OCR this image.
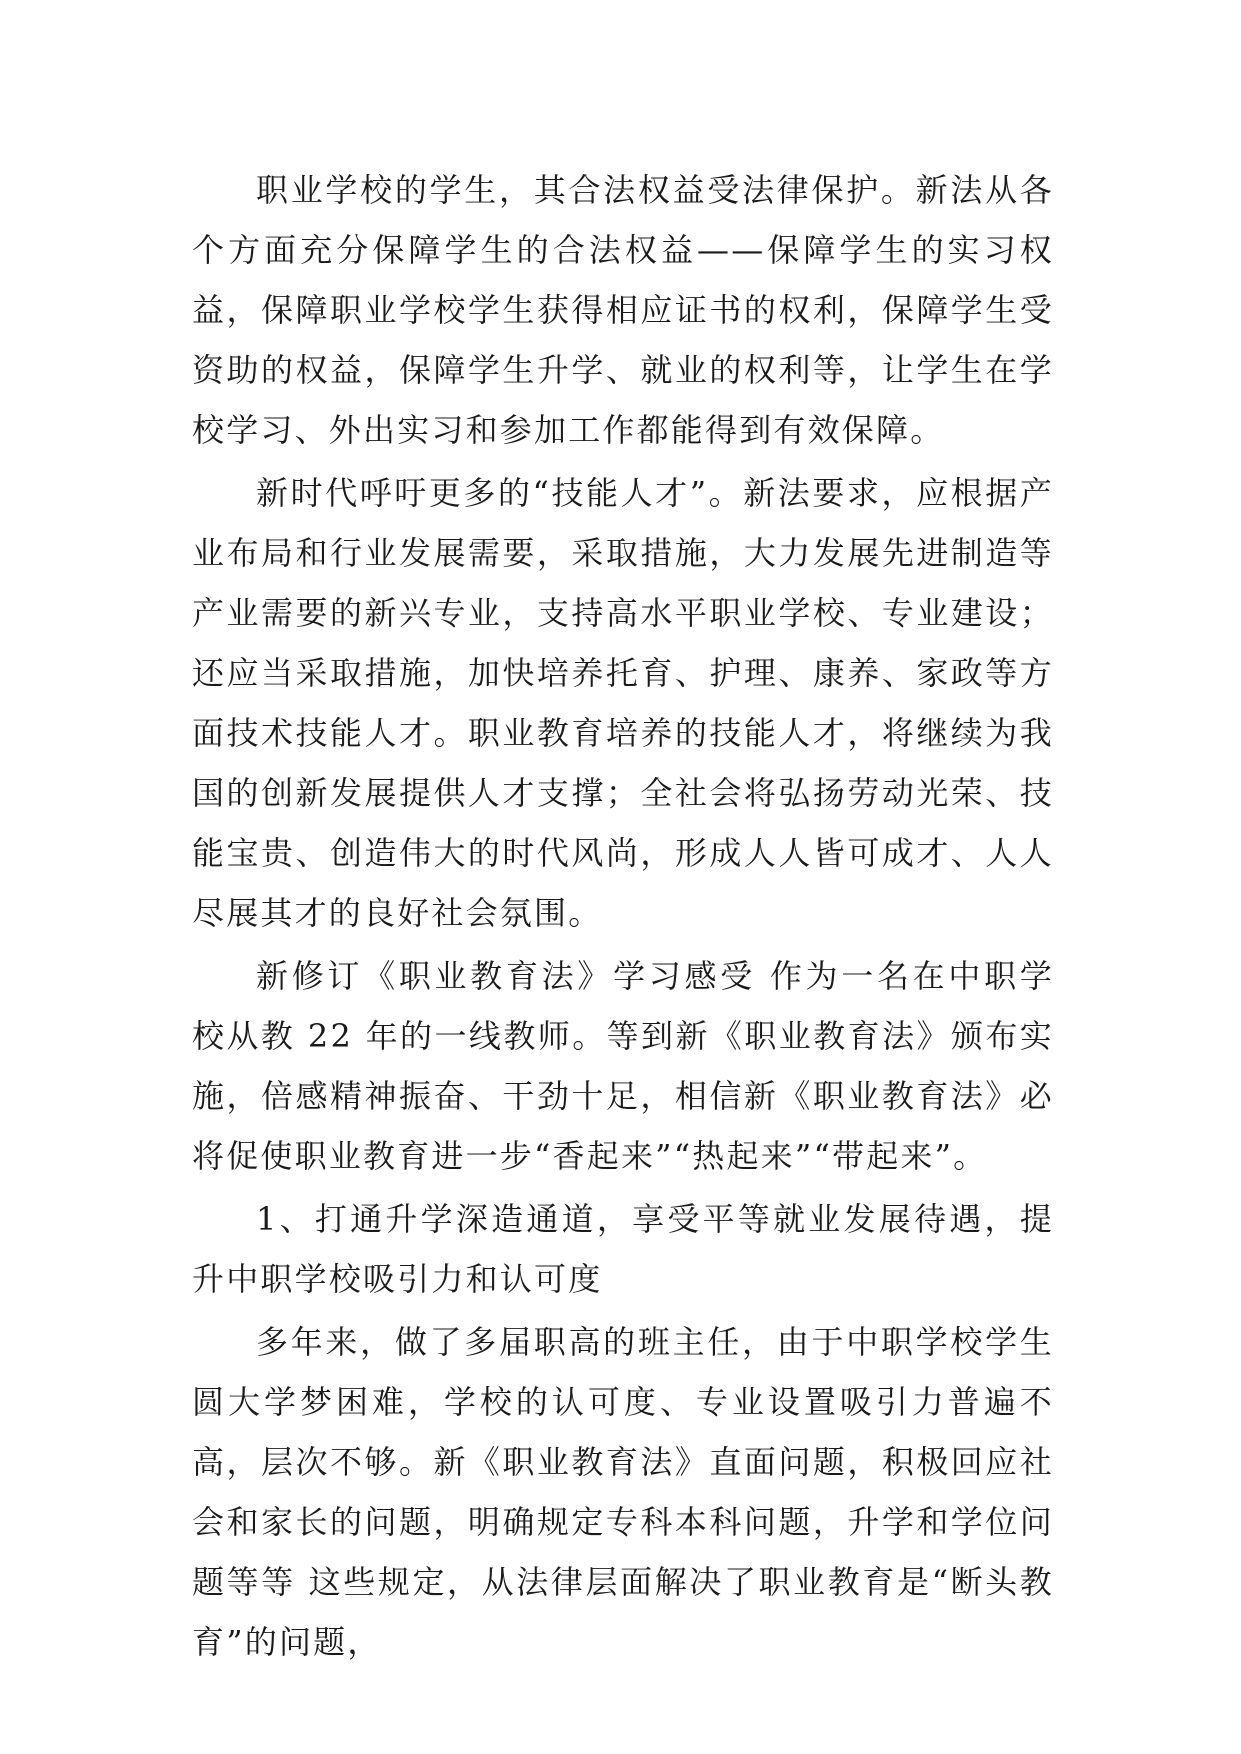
职业学校的学生，其合法权益受法律保护。新法从各个方面充分保障学生的合法权益——保障学生的实习权益，保障职业学校学生获得相应证书的权利，保障学生受资助的权益，保障学生升学、就业的权利等，让学生在学校学习、外出实习和参加工作都能得到有效保障。

新时代呼吁更多的“技能人才”。新法要求，应根据产业布局和行业发展需要，采取措施，大力发展先进制造等产业需要的新兴专业，支持高水平职业学校、专业建设；还应当采取措施，加快培养托育、护理、康养、家政等方面技术技能人才。职业教育培养的技能人才，将继续为我国的创新发展提供人才支撑；全社会将弘扬劳动光荣、技能宝贵、创造伟大的时代风尚，形成人人皆可成才、人人尽展其才的良好社会氛围。

新修订《职业教育法》学习感受 作为一名在中职学校从教 22 年的一线教师。等到新《职业教育法》颁布实施，倍感精神振奋、干劲十足，相信新《职业教育法》必将促使职业教育进一步“香起来”“热起来”“带起来”。

1、打通升学深造通道，享受平等就业发展待遇，提升中职学校吸引力和认可度

多年来，做了多届职高的班主任，由于中职学校学生圆大学梦困难，学校的认可度、专业设置吸引力普遍不高，层次不够。新《职业教育法》直面问题，积极回应社会和家长的问题，明确规定专科本科问题，升学和学位问题等等 这些规定，从法律层面解决了职业教育是“断头教育”的问题，
